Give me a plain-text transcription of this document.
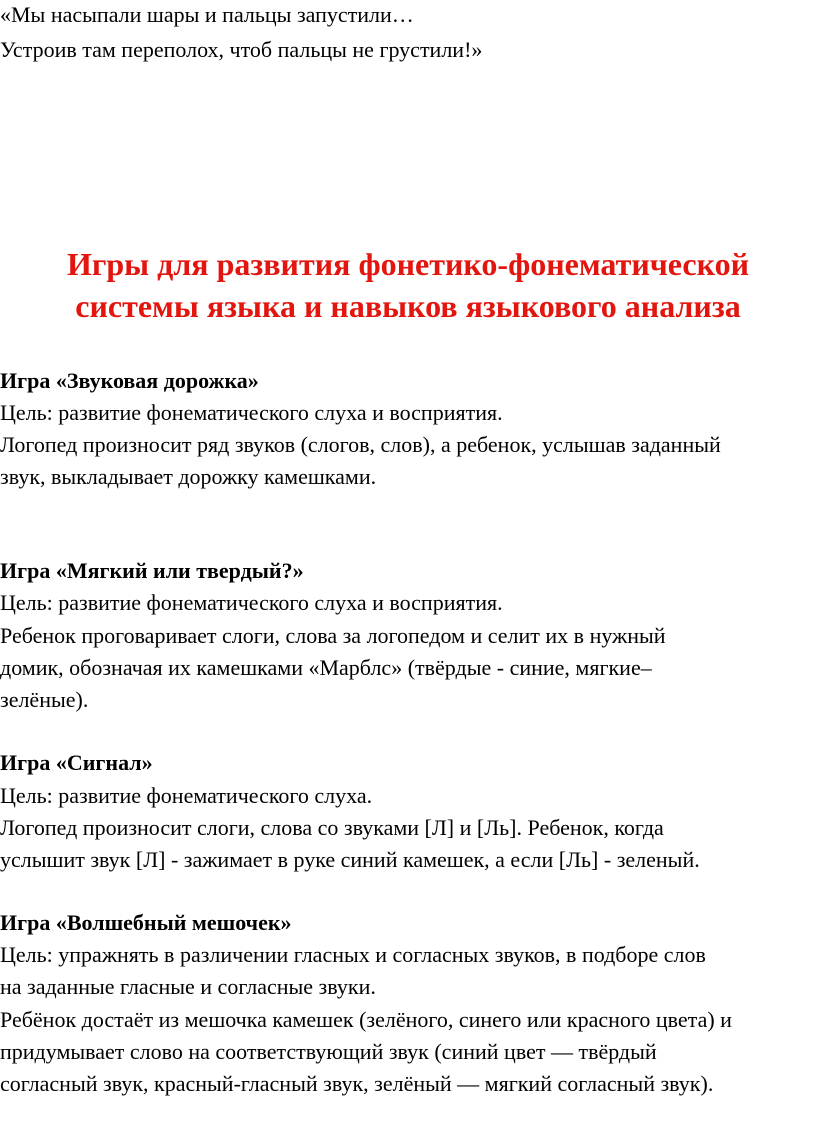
«Мы насыпали шары и пальцы запустили…
Устроив там переполох, чтоб пальцы не грустили!»
Игры для развития фонетико-фонематической
системы языка и навыков языкового анализа
Игра «Звуковая дорожка»
Цель: развитие фонематического слуха и восприятия.
Логопед произносит ряд звуков (слогов, слов), а ребенок, услышав заданный
звук, выкладывает дорожку камешками.
Игра «Мягкий или твердый?»
Цель: развитие фонематического слуха и восприятия.
Ребенок проговаривает слоги, слова за логопедом и селит их в нужный
домик, обозначая их камешками «Марблс» (твёрдые - синие, мягкие–
зелёные).
Игра «Сигнал»
Цель: развитие фонематического слуха.
Логопед произносит слоги, слова со звуками [Л] и [Ль]. Ребенок, когда
услышит звук [Л] - зажимает в руке синий камешек, а если [Ль] - зеленый.
Игра «Волшебный мешочек»
Цель: упражнять в различении гласных и согласных звуков, в подборе слов
на заданные гласные и согласные звуки.
Ребёнок достаёт из мешочка камешек (зелёного, синего или красного цвета) и
придумывает слово на соответствующий звук (синий цвет — твёрдый
согласный звук, красный-гласный звук, зелёный — мягкий согласный звук).
